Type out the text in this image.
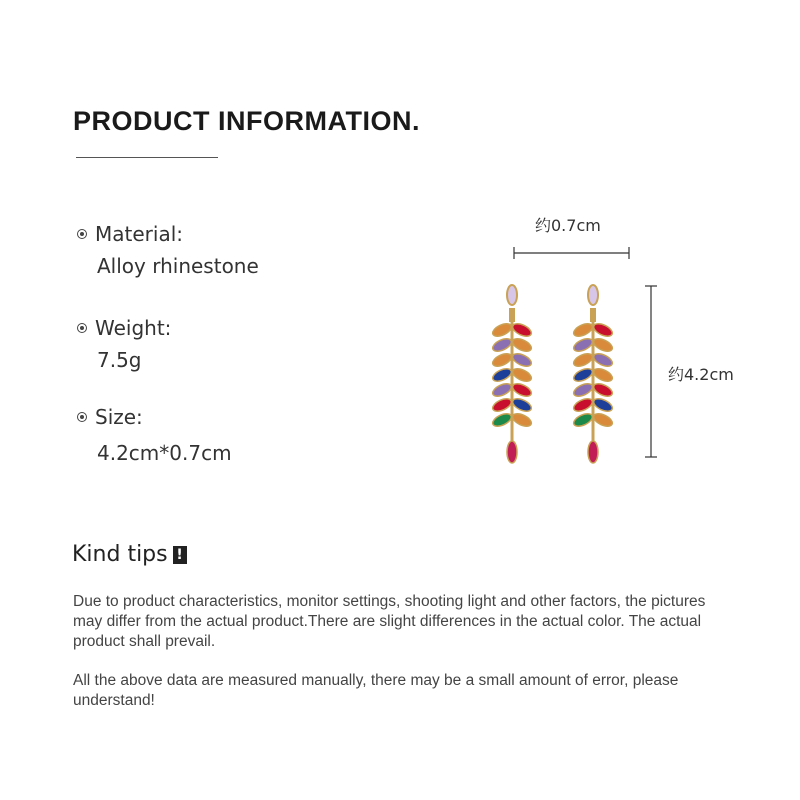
PRODUCT INFORMATION.
Material:
Alloy rhinestone
Weight:
7.5g
Size:
4.2cm*0.7cm
约0.7cm
约4.2cm
Kind tips !
Due to product characteristics, monitor settings, shooting light and other factors, the pictures may differ from the actual product.There are slight differences in the actual color. The actual product shall prevail.
All the above data are measured manually, there may be a small amount of error, please understand!
